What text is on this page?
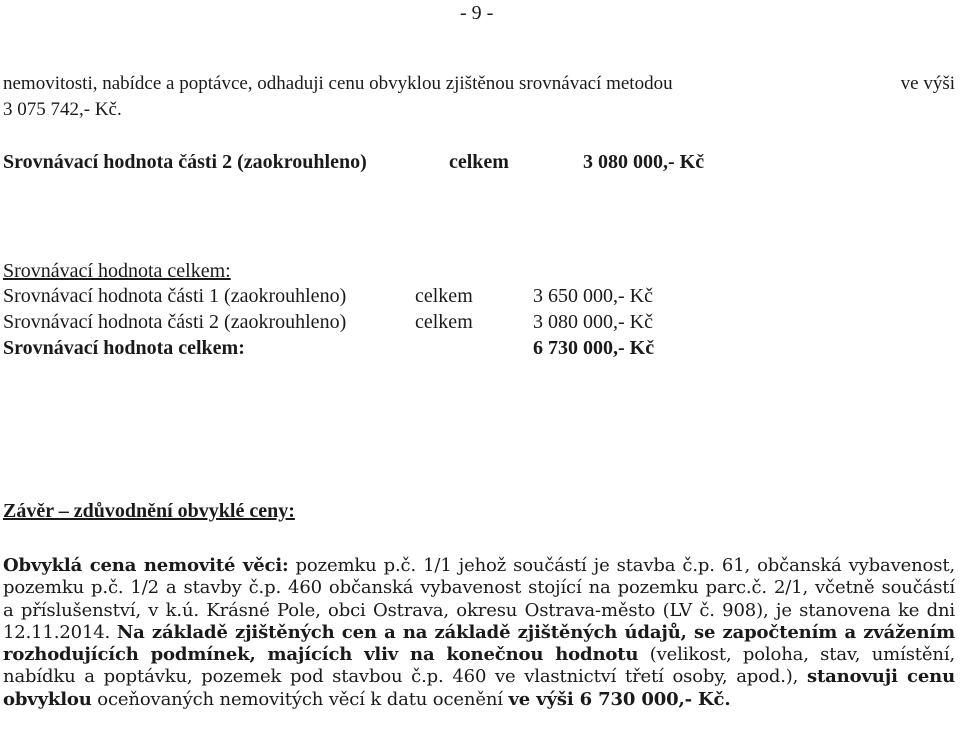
- 9 -
nemovitosti, nabídce a poptávce, odhaduji cenu obvyklou zjištěnou srovnávací metodou	ve výši
3 075 742,- Kč.
Srovnávací hodnota části 2 (zaokrouhleno)	celkem	3 080 000,- Kč
Srovnávací hodnota celkem:
Srovnávací hodnota části 1 (zaokrouhleno)	celkem	3 650 000,- Kč
Srovnávací hodnota části 2 (zaokrouhleno)	celkem	3 080 000,- Kč
Srovnávací hodnota celkem:	6 730 000,- Kč
Závěr – zdůvodnění obvyklé ceny:
Obvyklá cena nemovité věci: pozemku p.č. 1/1 jehož součástí je stavba č.p. 61, občanská vybavenost,
pozemku p.č. 1/2 a stavby č.p. 460 občanská vybavenost stojící na pozemku parc.č. 2/1, včetně součástí
a příslušenství, v k.ú. Krásné Pole, obci Ostrava, okresu Ostrava-město (LV č. 908), je stanovena ke dni
12.11.2014. Na základě zjištěných cen a na základě zjištěných údajů, se započtením a zvážením
rozhodujících podmínek, majících vliv na konečnou hodnotu (velikost, poloha, stav, umístění,
nabídku a poptávku, pozemek pod stavbou č.p. 460 ve vlastnictví třetí osoby, apod.), stanovuji cenu
obvyklou oceňovaných nemovitých věcí k datu ocenění ve výši 6 730 000,- Kč.
